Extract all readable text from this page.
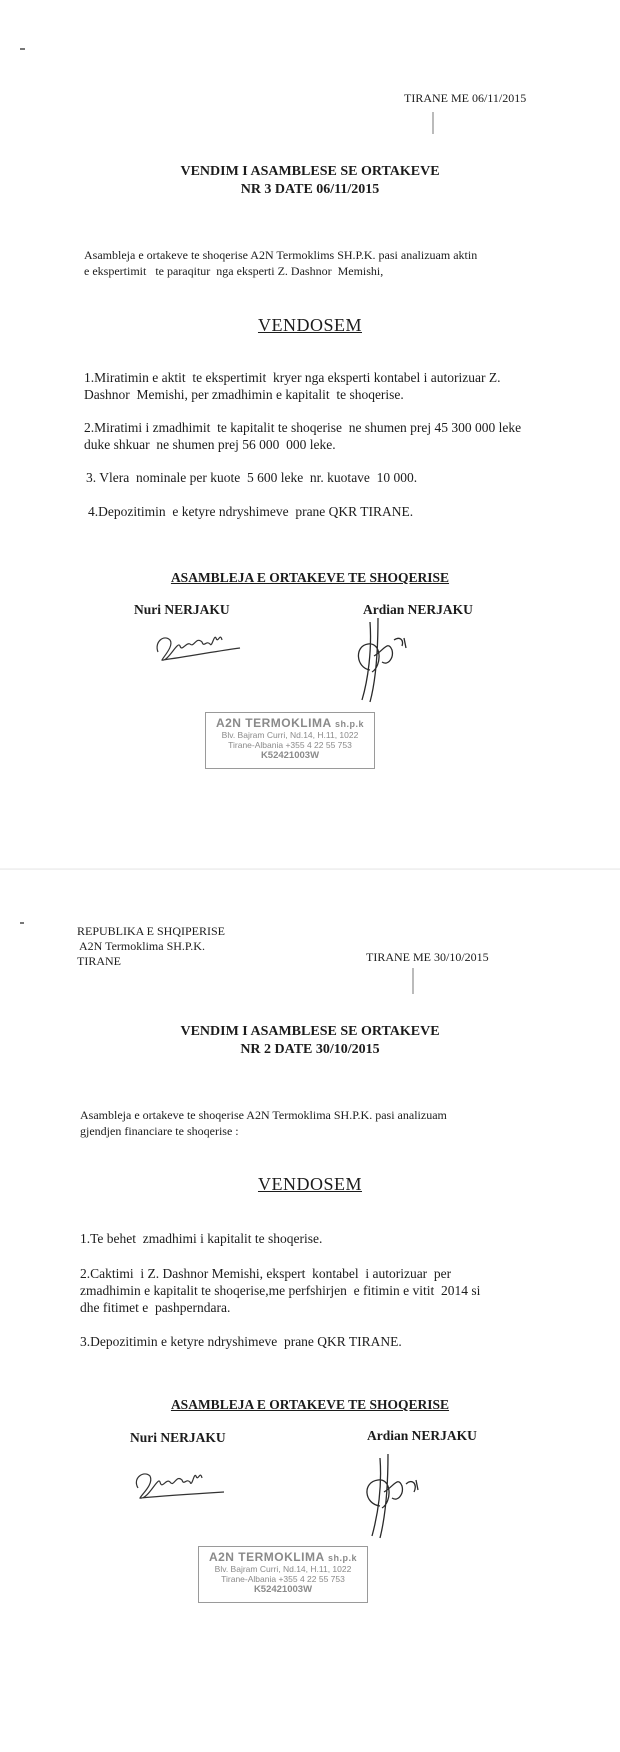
TIRANE ME 06/11/2015
VENDIM I ASAMBLESE SE ORTAKEVE
NR 3 DATE 06/11/2015
Asambleja e ortakeve te shoqerise A2N Termoklims SH.P.K. pasi analizuam aktin
e ekspertimit   te paraqitur  nga eksperti Z. Dashnor  Memishi,
VENDOSEM
1.Miratimin e aktit  te ekspertimit  kryer nga eksperti kontabel i autorizuar Z.
Dashnor  Memishi, per zmadhimin e kapitalit  te shoqerise.
2.Miratimi i zmadhimit  te kapitalit te shoqerise  ne shumen prej 45 300 000 leke
duke shkuar  ne shumen prej 56 000  000 leke.
3. Vlera  nominale per kuote  5 600 leke  nr. kuotave  10 000.
4.Depozitimin  e ketyre ndryshimeve  prane QKR TIRANE.
ASAMBLEJA E ORTAKEVE TE SHOQERISE
Nuri NERJAKU	Ardian NERJAKU
A2N TERMOKLIMA sh.p.k
Blv. Bajram Curri, Nd.14, H.11, 1022
Tirane-Albania +355 4 22 55 753
K52421003W
REPUBLIKA E SHQIPERISE
A2N Termoklima SH.P.K.
TIRANE	TIRANE ME 30/10/2015
VENDIM I ASAMBLESE SE ORTAKEVE
NR 2 DATE 30/10/2015
Asambleja e ortakeve te shoqerise A2N Termoklima SH.P.K. pasi analizuam
gjendjen financiare te shoqerise :
VENDOSEM
1.Te behet  zmadhimi i kapitalit te shoqerise.
2.Caktimi  i Z. Dashnor Memishi, ekspert  kontabel  i autorizuar  per
zmadhimin e kapitalit te shoqerise,me perfshirjen  e fitimin e vitit  2014 si
dhe fitimet e  pashperndara.
3.Depozitimin e ketyre ndryshimeve  prane QKR TIRANE.
ASAMBLEJA E ORTAKEVE TE SHOQERISE
Nuri NERJAKU	Ardian NERJAKU
A2N TERMOKLIMA sh.p.k
Blv. Bajram Curri, Nd.14, H.11, 1022
Tirane-Albania +355 4 22 55 753
K52421003W
